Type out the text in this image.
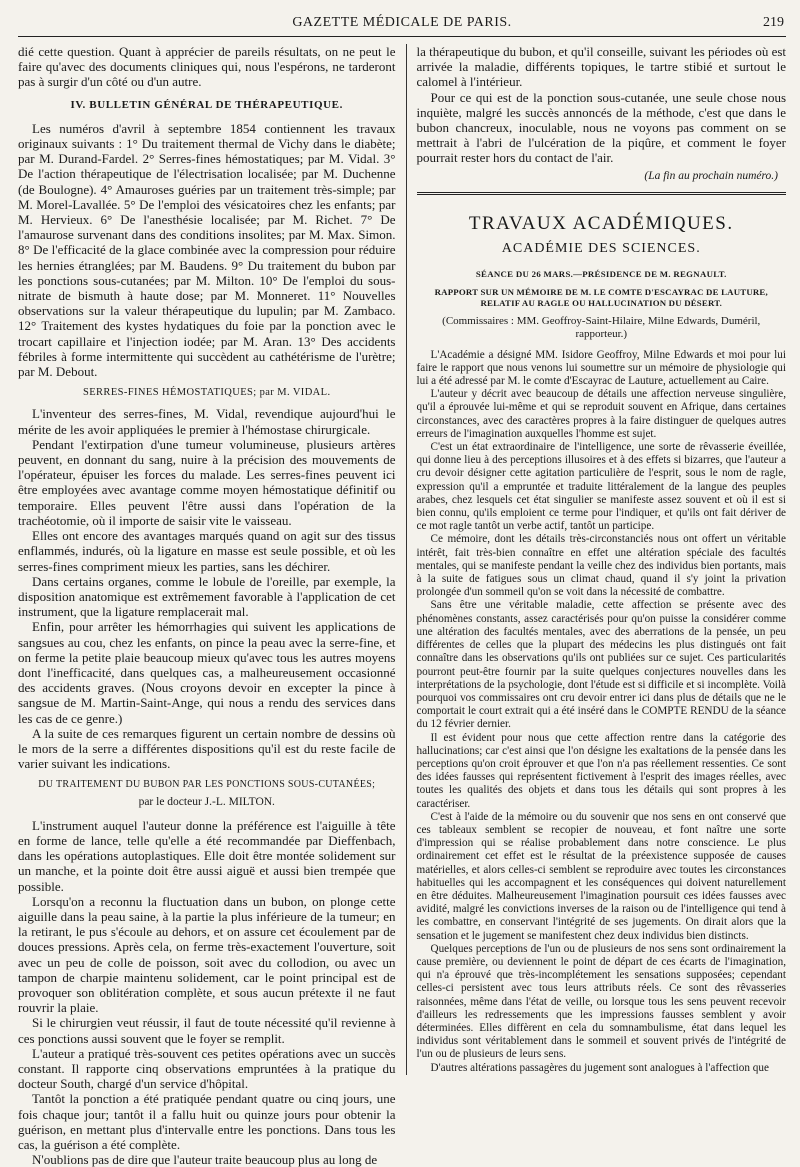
GAZETTE MÉDICALE DE PARIS.	219

dié cette question. Quant à apprécier de pareils résultats, on ne peut le faire qu'avec des documents cliniques qui, nous l'espérons, ne tarderont pas à surgir d'un côté ou d'un autre.

IV. BULLETIN GÉNÉRAL DE THÉRAPEUTIQUE.

Les numéros d'avril à septembre 1854 contiennent les travaux originaux suivants : 1° Du traitement thermal de Vichy dans le diabète; par M. Durand-Fardel. 2° Serres-fines hémostatiques; par M. Vidal. 3° De l'action thérapeutique de l'électrisation localisée; par M. Duchenne (de Boulogne). 4° Amauroses guéries par un traitement très-simple; par M. Morel-Lavallée. 5° De l'emploi des vésicatoires chez les enfants; par M. Hervieux. 6° De l'anesthésie localisée; par M. Richet. 7° De l'amaurose survenant dans des conditions insolites; par M. Max. Simon. 8° De l'efficacité de la glace combinée avec la compression pour réduire les hernies étranglées; par M. Baudens. 9° Du traitement du bubon par les ponctions sous-cutanées; par M. Milton. 10° De l'emploi du sous-nitrate de bismuth à haute dose; par M. Monneret. 11° Nouvelles observations sur la valeur thérapeutique du lupulin; par M. Zambaco. 12° Traitement des kystes hydatiques du foie par la ponction avec le trocart capillaire et l'injection iodée; par M. Aran. 13° Des accidents fébriles à forme intermittente qui succèdent au cathétérisme de l'urètre; par M. Debout.

SERRES-FINES HÉMOSTATIQUES; par M. VIDAL.

L'inventeur des serres-fines, M. Vidal, revendique aujourd'hui le mérite de les avoir appliquées le premier à l'hémostase chirurgicale.

Pendant l'extirpation d'une tumeur volumineuse, plusieurs artères peuvent, en donnant du sang, nuire à la précision des mouvements de l'opérateur, épuiser les forces du malade. Les serres-fines peuvent ici être employées avec avantage comme moyen hémostatique définitif ou temporaire. Elles peuvent l'être aussi dans l'opération de la trachéotomie, où il importe de saisir vite le vaisseau.

Elles ont encore des avantages marqués quand on agit sur des tissus enflammés, indurés, où la ligature en masse est seule possible, et où les serres-fines compriment mieux les parties, sans les déchirer.

Dans certains organes, comme le lobule de l'oreille, par exemple, la disposition anatomique est extrêmement favorable à l'application de cet instrument, que la ligature remplacerait mal.

Enfin, pour arrêter les hémorrhagies qui suivent les applications de sangsues au cou, chez les enfants, on pince la peau avec la serre-fine, et on ferme la petite plaie beaucoup mieux qu'avec tous les autres moyens dont l'inefficacité, dans quelques cas, a malheureusement occasionné des accidents graves. (Nous croyons devoir en excepter la pince à sangsue de M. Martin-Saint-Ange, qui nous a rendu des services dans les cas de ce genre.)

A la suite de ces remarques figurent un certain nombre de dessins où le mors de la serre a différentes dispositions qu'il est du reste facile de varier suivant les indications.

DU TRAITEMENT DU BUBON PAR LES PONCTIONS SOUS-CUTANÉES;
par le docteur J.-L. MILTON.

L'instrument auquel l'auteur donne la préférence est l'aiguille à tête en forme de lance, telle qu'elle a été recommandée par Dieffenbach, dans les opérations autoplastiques. Elle doit être montée solidement sur un manche, et la pointe doit être aussi aiguë et aussi bien trempée que possible.

Lorsqu'on a reconnu la fluctuation dans un bubon, on plonge cette aiguille dans la peau saine, à la partie la plus inférieure de la tumeur; en la retirant, le pus s'écoule au dehors, et on assure cet écoulement par de douces pressions. Après cela, on ferme très-exactement l'ouverture, soit avec un peu de colle de poisson, soit avec du collodion, ou avec un tampon de charpie maintenu solidement, car le point principal est de provoquer son oblitération complète, et sous aucun prétexte il ne faut rouvrir la plaie.

Si le chirurgien veut réussir, il faut de toute nécessité qu'il revienne à ces ponctions aussi souvent que le foyer se remplit.

L'auteur a pratiqué très-souvent ces petites opérations avec un succès constant. Il rapporte cinq observations empruntées à la pratique du docteur South, chargé d'un service d'hôpital.

Tantôt la ponction a été pratiquée pendant quatre ou cinq jours, une fois chaque jour; tantôt il a fallu huit ou quinze jours pour obtenir la guérison, en mettant plus d'intervalle entre les ponctions. Dans tous les cas, la guérison a été complète.

N'oublions pas de dire que l'auteur traite beaucoup plus au long de

la thérapeutique du bubon, et qu'il conseille, suivant les périodes où est arrivée la maladie, différents topiques, le tartre stibié et surtout le calomel à l'intérieur.

Pour ce qui est de la ponction sous-cutanée, une seule chose nous inquiète, malgré les succès annoncés de la méthode, c'est que dans le bubon chancreux, inoculable, nous ne voyons pas comment on se mettrait à l'abri de l'ulcération de la piqûre, et comment le foyer pourrait rester hors du contact de l'air.

(La fin au prochain numéro.)
TRAVAUX ACADÉMIQUES.
ACADÉMIE DES SCIENCES.
SÉANCE DU 26 MARS.—PRÉSIDENCE DE M. REGNAULT.
RAPPORT SUR UN MÉMOIRE DE M. LE COMTE D'ESCAYRAC DE LAUTURE, RELATIF AU RAGLE OU HALLUCINATION DU DÉSERT.
(Commissaires : MM. Geoffroy-Saint-Hilaire, Milne Edwards, Duméril, rapporteur.)

L'Académie a désigné MM. Isidore Geoffroy, Milne Edwards et moi pour lui faire le rapport que nous venons lui soumettre sur un mémoire de physiologie qui lui a été adressé par M. le comte d'Escayrac de Lauture, actuellement au Caire.

L'auteur y décrit avec beaucoup de détails une affection nerveuse singulière, qu'il a éprouvée lui-même et qui se reproduit souvent en Afrique, dans certaines circonstances, avec des caractères propres à la faire distinguer de quelques autres erreurs de l'imagination auxquelles l'homme est sujet.

C'est un état extraordinaire de l'intelligence, une sorte de rêvasserie éveillée, qui donne lieu à des perceptions illusoires et à des effets si bizarres, que l'auteur a cru devoir désigner cette agitation particulière de l'esprit, sous le nom de ragle, expression qu'il a empruntée et traduite littéralement de la langue des peuples arabes, chez lesquels cet état singulier se manifeste assez souvent et où il est si bien connu, qu'ils emploient ce terme pour l'indiquer, et qu'ils ont fait dériver de ce mot ragle tantôt un verbe actif, tantôt un participe.

Ce mémoire, dont les détails très-circonstanciés nous ont offert un véritable intérêt, fait très-bien connaître en effet une altération spéciale des facultés mentales, qui se manifeste pendant la veille chez des individus bien portants, mais à la suite de fatigues sous un climat chaud, quand il s'y joint la privation prolongée d'un sommeil qu'on se voit dans la nécessité de combattre.

Sans être une véritable maladie, cette affection se présente avec des phénomènes constants, assez caractérisés pour qu'on puisse la considérer comme une altération des facultés mentales, avec des aberrations de la pensée, un peu différentes de celles que la plupart des médecins les plus distingués ont fait connaître dans les observations qu'ils ont publiées sur ce sujet. Ces particularités pourront peut-être fournir par la suite quelques conjectures nouvelles dans les interprétations de la psychologie, dont l'étude est si difficile et si incomplète. Voilà pourquoi vos commissaires ont cru devoir entrer ici dans plus de détails que ne le comportait le court extrait qui a été inséré dans le COMPTE RENDU de la séance du 12 février dernier.

Il est évident pour nous que cette affection rentre dans la catégorie des hallucinations; car c'est ainsi que l'on désigne les exaltations de la pensée dans les perceptions qu'on croit éprouver et que l'on n'a pas réellement ressenties. Ce sont des idées fausses qui représentent fictivement à l'esprit des images réelles, avec toutes les qualités des objets et dans tous les détails qui sont propres à les caractériser.

C'est à l'aide de la mémoire ou du souvenir que nos sens en ont conservé que ces tableaux semblent se recopier de nouveau, et font naître une sorte d'impression qui se réalise probablement dans notre conscience. Le plus ordinairement cet effet est le résultat de la préexistence supposée de causes matérielles, et alors celles-ci semblent se reproduire avec toutes les circonstances habituelles qui les accompagnent et les conséquences qui doivent naturellement en être déduites. Malheureusement l'imagination poursuit ces idées fausses avec avidité, malgré les convictions inverses de la raison ou de l'intelligence qui tend à les combattre, en conservant l'intégrité de ses jugements. On dirait alors que la sensation et le jugement se manifestent chez deux individus bien distincts.

Quelques perceptions de l'un ou de plusieurs de nos sens sont ordinairement la cause première, ou deviennent le point de départ de ces écarts de l'imagination, qui n'a éprouvé que très-incomplétement les sensations supposées; cependant celles-ci persistent avec tous leurs attributs réels. Ce sont des rêvasseries raisonnées, même dans l'état de veille, ou lorsque tous les sens peuvent recevoir d'ailleurs les redressements que les impressions fausses semblent y avoir déterminées. Elles diffèrent en cela du somnambulisme, état dans lequel les individus sont véritablement dans le sommeil et souvent privés de l'intégrité de l'un ou de plusieurs de leurs sens.

D'autres altérations passagères du jugement sont analogues à l'affection que
